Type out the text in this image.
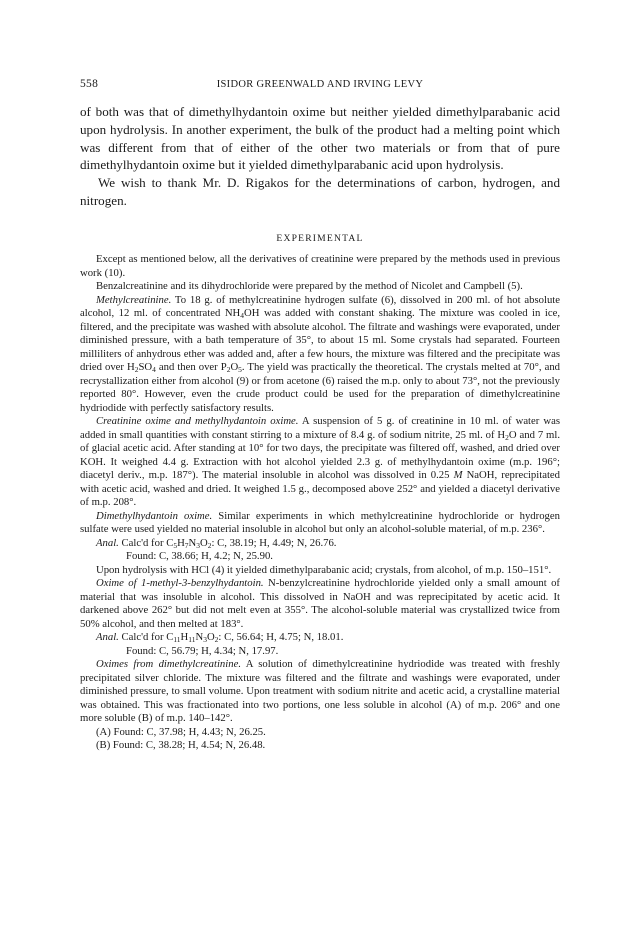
558	ISIDOR GREENWALD AND IRVING LEVY

of both was that of dimethylhydantoin oxime but neither yielded dimethylparabanic acid upon hydrolysis. In another experiment, the bulk of the product had a melting point which was different from that of either of the other two materials or from that of pure dimethylhydantoin oxime but it yielded dimethylparabanic acid upon hydrolysis.

We wish to thank Mr. D. Rigakos for the determinations of carbon, hydrogen, and nitrogen.

EXPERIMENTAL

Except as mentioned below, all the derivatives of creatinine were prepared by the methods used in previous work (10).

Benzalcreatinine and its dihydrochloride were prepared by the method of Nicolet and Campbell (5).

Methylcreatinine. To 18 g. of methylcreatinine hydrogen sulfate (6), dissolved in 200 ml. of hot absolute alcohol, 12 ml. of concentrated $NH_4OH$ was added with constant shaking. The mixture was cooled in ice, filtered, and the precipitate was washed with absolute alcohol. The filtrate and washings were evaporated, under diminished pressure, with a bath temperature of 35°, to about 15 ml. Some crystals had separated. Fourteen milliliters of anhydrous ether was added and, after a few hours, the mixture was filtered and the precipitate was dried over $H_2SO_4$ and then over $P_2O_5$. The yield was practically the theoretical. The crystals melted at 70°, and recrystallization either from alcohol (9) or from acetone (6) raised the m.p. only to about 73°, not the previously reported 80°. However, even the crude product could be used for the preparation of dimethylcreatinine hydriodide with perfectly satisfactory results.

Creatinine oxime and methylhydantoin oxime. A suspension of 5 g. of creatinine in 10 ml. of water was added in small quantities with constant stirring to a mixture of 8.4 g. of sodium nitrite, 25 ml. of $H_2O$ and 7 ml. of glacial acetic acid. After standing at 10° for two days, the precipitate was filtered off, washed, and dried over KOH. It weighed 4.4 g. Extraction with hot alcohol yielded 2.3 g. of methylhydantoin oxime (m.p. 196°; diacetyl deriv., m.p. 187°). The material insoluble in alcohol was dissolved in 0.25 M NaOH, reprecipitated with acetic acid, washed and dried. It weighed 1.5 g., decomposed above 252° and yielded a diacetyl derivative of m.p. 208°.

Dimethylhydantoin oxime. Similar experiments in which methylcreatinine hydrochloride or hydrogen sulfate were used yielded no material insoluble in alcohol but only an alcohol-soluble material, of m.p. 236°.

Anal. Calc'd for $C_5H_7N_3O_2$: C, 38.19; H, 4.49; N, 26.76.

Found: C, 38.66; H, 4.2; N, 25.90.

Upon hydrolysis with HCl (4) it yielded dimethylparabanic acid; crystals, from alcohol, of m.p. 150–151°.

Oxime of 1-methyl-3-benzylhydantoin. N-benzylcreatinine hydrochloride yielded only a small amount of material that was insoluble in alcohol. This dissolved in NaOH and was reprecipitated by acetic acid. It darkened above 262° but did not melt even at 355°. The alcohol-soluble material was crystallized twice from 50% alcohol, and then melted at 183°.

Anal. Calc'd for $C_{11}H_{11}N_3O_2$: C, 56.64; H, 4.75; N, 18.01.

Found: C, 56.79; H, 4.34; N, 17.97.

Oximes from dimethylcreatinine. A solution of dimethylcreatinine hydriodide was treated with freshly precipitated silver chloride. The mixture was filtered and the filtrate and washings were evaporated, under diminished pressure, to small volume. Upon treatment with sodium nitrite and acetic acid, a crystalline material was obtained. This was fractionated into two portions, one less soluble in alcohol (A) of m.p. 206° and one more soluble (B) of m.p. 140–142°.

(A) Found: C, 37.98; H, 4.43; N, 26.25.

(B) Found: C, 38.28; H, 4.54; N, 26.48.
